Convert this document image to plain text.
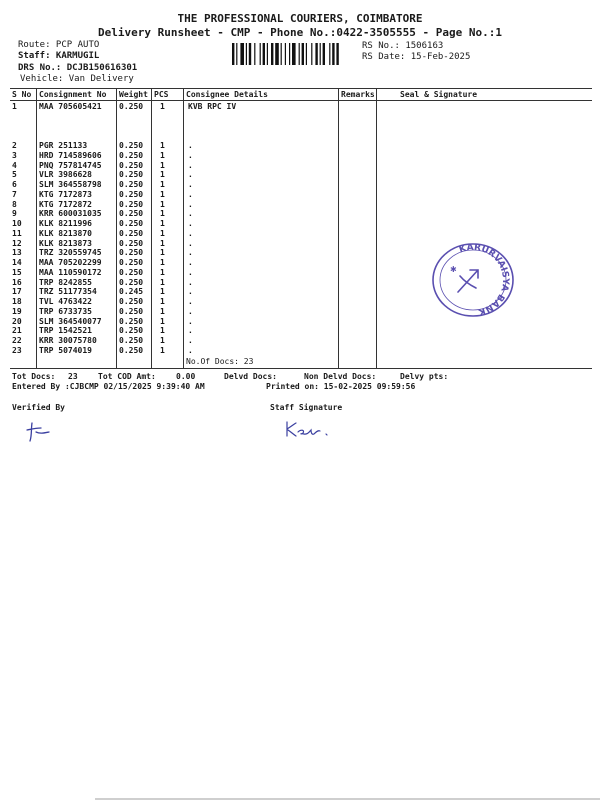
THE PROFESSIONAL COURIERS, COIMBATORE
Delivery Runsheet - CMP - Phone No.:0422-3505555 - Page No.:1
Route: PCP AUTO
Staff: KARMUGIL
DRS No.: DCJB150616301
Vehicle: Van Delivery
RS No.: 1506163
RS Date: 15-Feb-2025
S No Consignment No Weight PCS Consignee Details	Remarks	Seal & Signature
1	MAA 705605421 0.250 1	KVB RPC IV
2	PGR 251133	0.250 1	.
3	HRD 714589606 0.250 1	.
4	PNQ 757814745 0.250 1	.
5	VLR 3986628	0.250 1	.
6	SLM 364558798 0.250 1	.
7	KTG 7172873	0.250 1	.
8	KTG 7172872	0.250 1	.
9	KRR 600031035 0.250 1	.
10 KLK 8211996	0.250 1	.
11 KLK 8213870	0.250 1	.
12 KLK 8213873	0.250 1	.
13 TRZ 320559745 0.250 1	.
14 MAA 705202299 0.250 1	.
15 MAA 110590172 0.250 1	.
16 TRP 8242855	0.250 1	.
17 TRZ 51177354	0.245 1	.
18 TVL 4763422	0.250 1	.
19 TRP 6733735	0.250 1	.
20 SLM 364540077 0.250 1	.
21 TRP 1542521	0.250 1	.
22 KRR 30075780	0.250 1	.
23 TRP 5074019	0.250 1	.
No.Of Docs: 23
Tot Docs: 23	Tot COD Amt:	0.00	Delvd Docs:	Non Delvd Docs:	Delvy pts:
Entered By :CJBCMP 02/15/2025 9:39:40 AM	Printed on: 15-02-2025 09:59:56
Verified By	Staff Signature
KARURVAISYA BANK
✱
